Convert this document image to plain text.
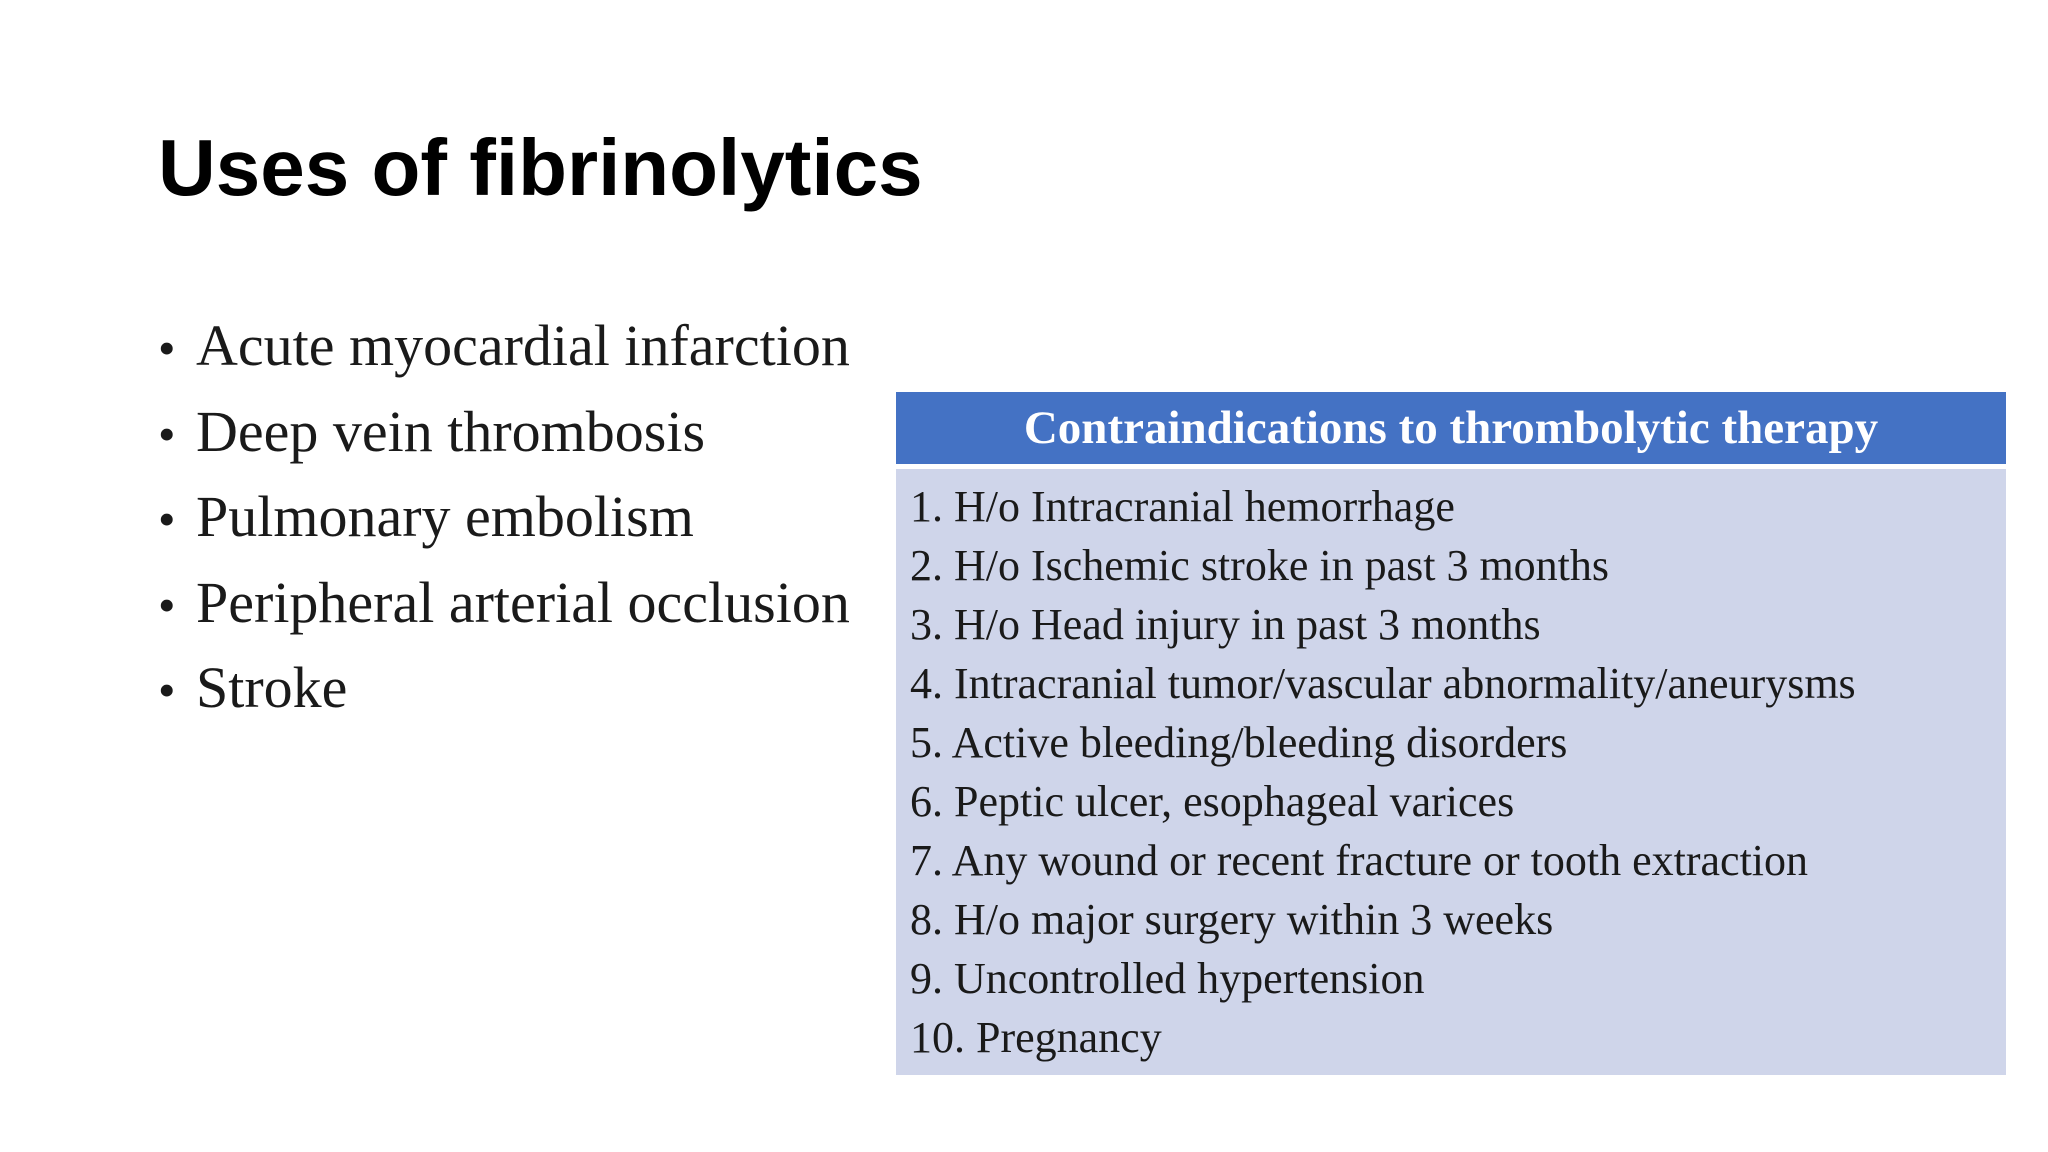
Uses of fibrinolytics
• Acute myocardial infarction
• Deep vein thrombosis
• Pulmonary embolism
• Peripheral arterial occlusion
• Stroke
Contraindications to thrombolytic therapy

1. H/o Intracranial hemorrhage
2. H/o Ischemic stroke in past 3 months
3. H/o Head injury in past 3 months
4. Intracranial tumor/vascular abnormality/aneurysms
5. Active bleeding/bleeding disorders
6. Peptic ulcer, esophageal varices
7. Any wound or recent fracture or tooth extraction
8. H/o major surgery within 3 weeks
9. Uncontrolled hypertension
10. Pregnancy
